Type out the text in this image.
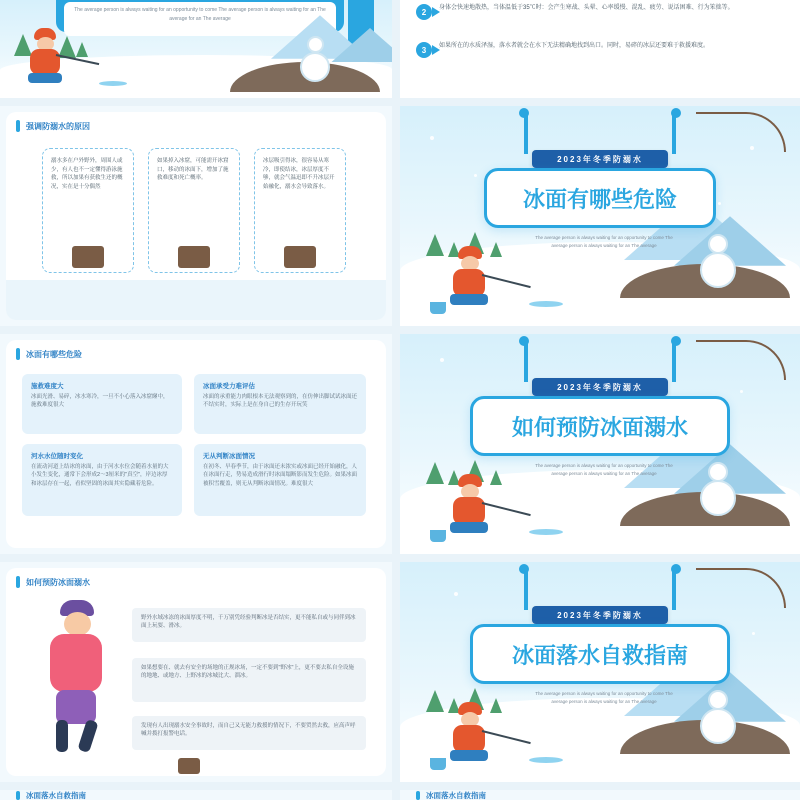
The average person is always waiting for an opportunity to come The average person is always waiting for an The average for an The average
强调防溺水的原因

溺水多在户外野外，周围人或少，有人也不一定懂得游泳施救，所以加果有获救生还的概况，实在是十分偶然

如果掉入冰窟，可能需开冰窟口，移动的冰面下，增加了施救难度和死亡概率。

冰层吸引得冰，很容易从寒冷，即使结冰，冰层厚度不够，就会气温迅即不升冰层开始融化，溺水会导致落水。

冰面有哪些危险

施救难度大

冰面光滑、易碎，冰水寒冷，一旦不小心落入冰窟窿中，施救难度很大

冰面承受力难评估

冰面的承重能力肉眼根本无法观察到的，在仿伸出脚试试冰面还不结实时，实际上是在身自己的生存开玩笑

河水水位随时变化

在流动河道上结冰的冰面，由于河水水位会随着水量的大小发生变化，通常下会形成2～3厘米的"真空"，岸边冰厚和冰层存在一起，看似坚固的冰面其实隐藏着危险。

无从判断冰面情况

在初冬、早春季节，由于冰面还未浓实或冰面已经开始融化，人在冰面行走，势易造成滑行时冰面塌断影而发生危险。如果冰面被积雪覆盖，则无从判断冰面情况。难度很大

如何预防冰面溺水
野外水域冰冻的冰面厚度不明，千万别凭经验判断冰是否结实，更不能私自或与同伴到冰面上玩耍、滑冰。
如果想要在、就去有安全的场地的正规冰场，一定不要到"野冰"上，更不要去私自全设施的地地、或地方、上野冰的冰城比大、溜冰。
发现有人出现溺水安全事故时，而自己又无能力救援的情况下，不要贸然去救，应高声呼喊并拨打报警电话。
冰面落水自救指南
2 身体会快速地散热，当体温低于35℃时：会产生寒战、头晕、心率缓慢、混乱、疲劳、说话困难、行为笨拙等。
3 如果所在的水质泽湿，落水者就会在水下无法精确地找到出口。同时，易碎的冰层还要难于救援难度。
2023年冬季防溺水
冰面有哪些危险
The average person is always waiting for an opportunity to come The average person is always waiting for an The average
2023年冬季防溺水
如何预防冰面溺水
The average person is always waiting for an opportunity to come The average person is always waiting for an The average
2023年冬季防溺水
冰面落水自救指南
The average person is always waiting for an opportunity to come The average person is always waiting for an The average
冰面落水自救指南
